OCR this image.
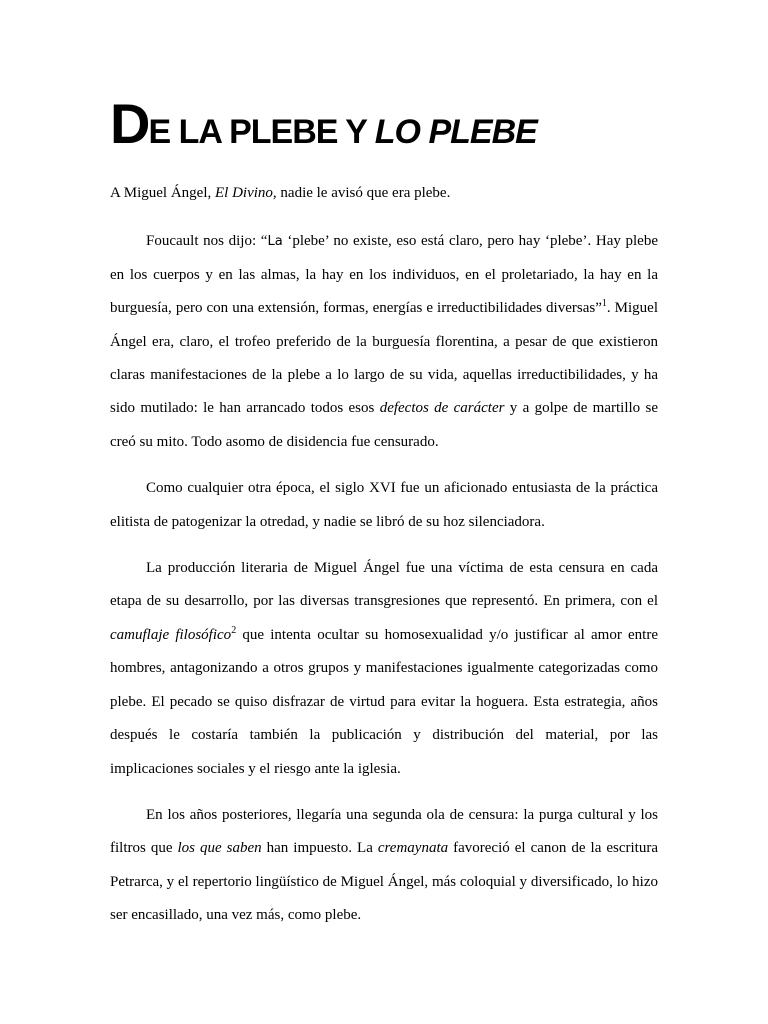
DE LA PLEBE Y LO PLEBE

A Miguel Ángel, El Divino, nadie le avisó que era plebe.

Foucault nos dijo: “La ‘plebe’ no existe, eso está claro, pero hay ‘plebe’. Hay plebe en los cuerpos y en las almas, la hay en los individuos, en el proletariado, la hay en la burguesía, pero con una extensión, formas, energías e irreductibilidades diversas”$^1$. Miguel Ángel era, claro, el trofeo preferido de la burguesía florentina, a pesar de que existieron claras manifestaciones de la plebe a lo largo de su vida, aquellas irreductibilidades, y ha sido mutilado: le han arrancado todos esos defectos de carácter y a golpe de martillo se creó su mito. Todo asomo de disidencia fue censurado.

Como cualquier otra época, el siglo XVI fue un aficionado entusiasta de la práctica elitista de patogenizar la otredad, y nadie se libró de su hoz silenciadora.

La producción literaria de Miguel Ángel fue una víctima de esta censura en cada etapa de su desarrollo, por las diversas transgresiones que representó. En primera, con el camuflaje filosófico$^2$ que intenta ocultar su homosexualidad y/o justificar al amor entre hombres, antagonizando a otros grupos y manifestaciones igualmente categorizadas como plebe. El pecado se quiso disfrazar de virtud para evitar la hoguera. Esta estrategia, años después le costaría también la publicación y distribución del material, por las implicaciones sociales y el riesgo ante la iglesia.

En los años posteriores, llegaría una segunda ola de censura: la purga cultural y los filtros que los que saben han impuesto. La cremaynata favoreció el canon de la escritura Petrarca, y el repertorio lingüístico de Miguel Ángel, más coloquial y diversificado, lo hizo ser encasillado, una vez más, como plebe.
